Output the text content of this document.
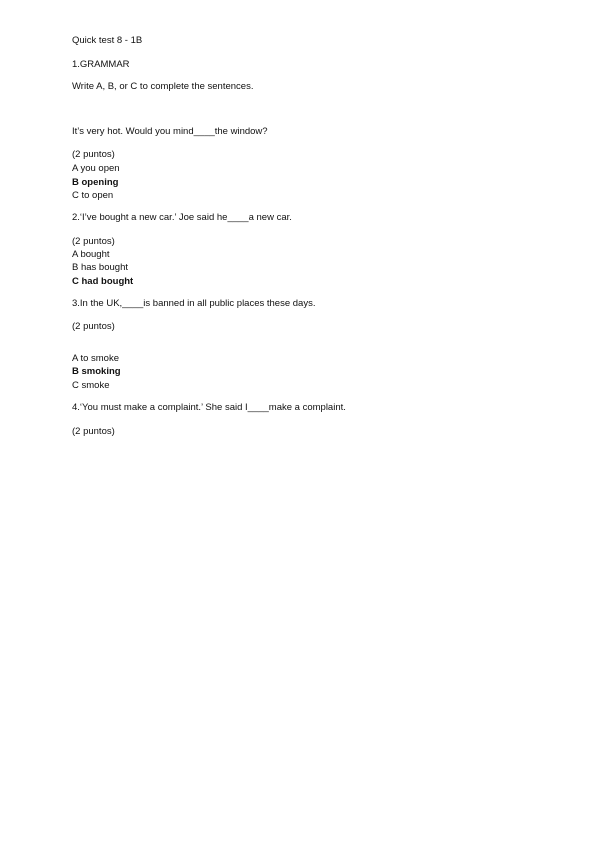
Quick test 8 - 1B
1.GRAMMAR
Write A, B, or C to complete the sentences.
It’s very hot. Would you mind____the window?
(2 puntos)
A you open
B opening
C to open
2.‘I’ve bought a new car.’ Joe said he____a new car.
(2 puntos)
A bought
B has bought
C had bought
3.In the UK,____is banned in all public places these days.
(2 puntos)
A to smoke
B smoking
C smoke
4.‘You must make a complaint.’ She said I____make a complaint.
(2 puntos)
